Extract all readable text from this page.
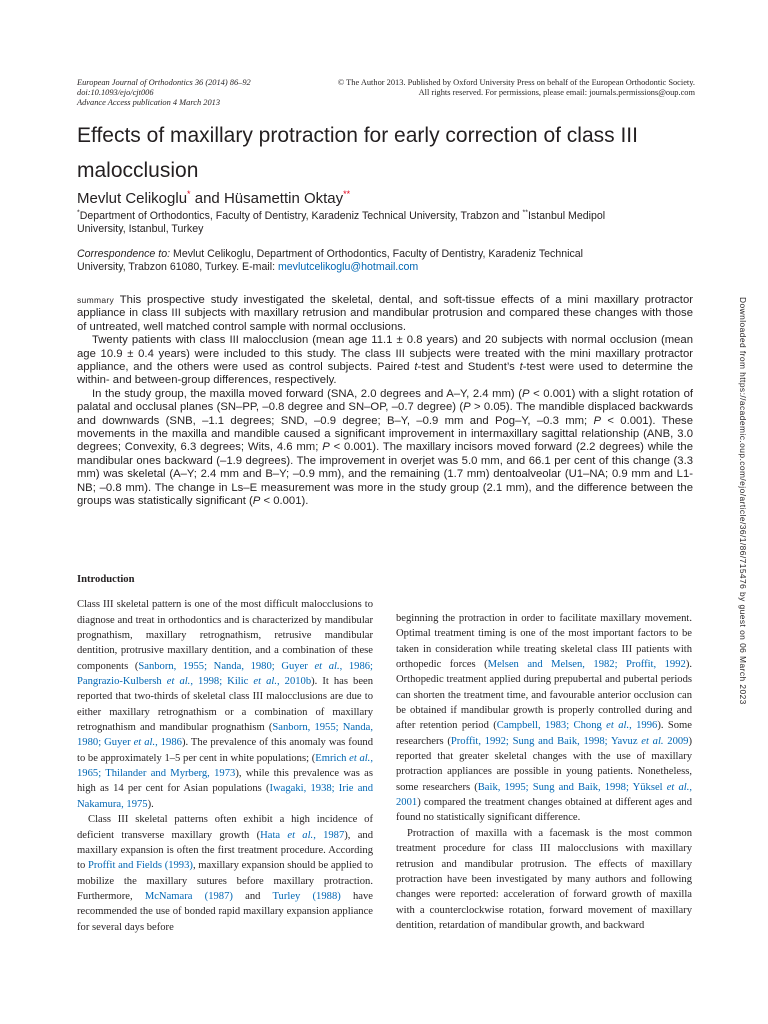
European Journal of Orthodontics 36 (2014) 86–92
doi:10.1093/ejo/cjt006
Advance Access publication 4 March 2013
© The Author 2013. Published by Oxford University Press on behalf of the European Orthodontic Society.
All rights reserved. For permissions, please email: journals.permissions@oup.com
Effects of maxillary protraction for early correction of class III
malocclusion
Mevlut Celikoglu* and Hüsamettin Oktay**
*Department of Orthodontics, Faculty of Dentistry, Karadeniz Technical University, Trabzon and **Istanbul Medipol
University, Istanbul, Turkey
Correspondence to: Mevlut Celikoglu, Department of Orthodontics, Faculty of Dentistry, Karadeniz Technical
University, Trabzon 61080, Turkey. E-mail: mevlutcelikoglu@hotmail.com

summary This prospective study investigated the skeletal, dental, and soft-tissue effects of a mini maxillary protractor appliance in class III subjects with maxillary retrusion and mandibular protrusion and compared these changes with those of untreated, well matched control sample with normal occlusions.

Twenty patients with class III malocclusion (mean age 11.1 ± 0.8 years) and 20 subjects with normal occlusion (mean age 10.9 ± 0.4 years) were included to this study. The class III subjects were treated with the mini maxillary protractor appliance, and the others were used as control subjects. Paired t-test and Student’s t-test were used to determine the within- and between-group differences, respectively.

In the study group, the maxilla moved forward (SNA, 2.0 degrees and A–Y, 2.4 mm) (P < 0.001) with a slight rotation of palatal and occlusal planes (SN–PP, –0.8 degree and SN–OP, –0.7 degree) (P > 0.05). The mandible displaced backwards and downwards (SNB, –1.1 degrees; SND, –0.9 degree; B–Y, –0.9 mm and Pog–Y, –0.3 mm; P < 0.001). These movements in the maxilla and mandible caused a significant improvement in intermaxillary sagittal relationship (ANB, 3.0 degrees; Convexity, 6.3 degrees; Wits, 4.6 mm; P < 0.001). The maxillary incisors moved forward (2.2 degrees) while the mandibular ones backward (–1.9 degrees). The improvement in overjet was 5.0 mm, and 66.1 per cent of this change (3.3 mm) was skeletal (A–Y; 2.4 mm and B–Y; –0.9 mm), and the remaining (1.7 mm) dentoalveolar (U1–NA; 0.9 mm and L1-NB; –0.8 mm). The change in Ls–E measurement was more in the study group (2.1 mm), and the difference between the groups was statistically significant (P < 0.001).

Introduction

Class III skeletal pattern is one of the most difficult malocclusions to diagnose and treat in orthodontics and is characterized by mandibular prognathism, maxillary retrognathism, retrusive mandibular dentition, protrusive maxillary dentition, and a combination of these components (Sanborn, 1955; Nanda, 1980; Guyer et al., 1986; Pangrazio-Kulbersh et al., 1998; Kilic et al., 2010b). It has been reported that two-thirds of skeletal class III malocclusions are due to either maxillary retrognathism or a combination of maxillary retrognathism and mandibular prognathism (Sanborn, 1955; Nanda, 1980; Guyer et al., 1986). The prevalence of this anomaly was found to be approximately 1–5 per cent in white populations; (Emrich et al., 1965; Thilander and Myrberg, 1973), while this prevalence was as high as 14 per cent for Asian populations (Iwagaki, 1938; Irie and Nakamura, 1975).

Class III skeletal patterns often exhibit a high incidence of deficient transverse maxillary growth (Hata et al., 1987), and maxillary expansion is often the first treatment procedure. According to Proffit and Fields (1993), maxillary expansion should be applied to mobilize the maxillary sutures before maxillary protraction. Furthermore, McNamara (1987) and Turley (1988) have recommended the use of bonded rapid maxillary expansion appliance for several days before

beginning the protraction in order to facilitate maxillary movement. Optimal treatment timing is one of the most important factors to be taken in consideration while treating skeletal class III patients with orthopedic forces (Melsen and Melsen, 1982; Proffit, 1992). Orthopedic treatment applied during prepubertal and pubertal periods can shorten the treatment time, and favourable anterior occlusion can be obtained if mandibular growth is properly controlled during and after retention period (Campbell, 1983; Chong et al., 1996). Some researchers (Proffit, 1992; Sung and Baik, 1998; Yavuz et al. 2009) reported that greater skeletal changes with the use of maxillary protraction appliances are possible in young patients. Nonetheless, some researchers (Baik, 1995; Sung and Baik, 1998; Yüksel et al., 2001) compared the treatment changes obtained at different ages and found no statistically significant difference.

Protraction of maxilla with a facemask is the most common treatment procedure for class III malocclusions with maxillary retrusion and mandibular protrusion. The effects of maxillary protraction have been investigated by many authors and following changes were reported: acceleration of forward growth of maxilla with a counterclockwise rotation, forward movement of maxillary dentition, retardation of mandibular growth, and backward

Downloaded from https://academic.oup.com/ejo/article/36/1/86/715476 by guest on 06 March 2023
